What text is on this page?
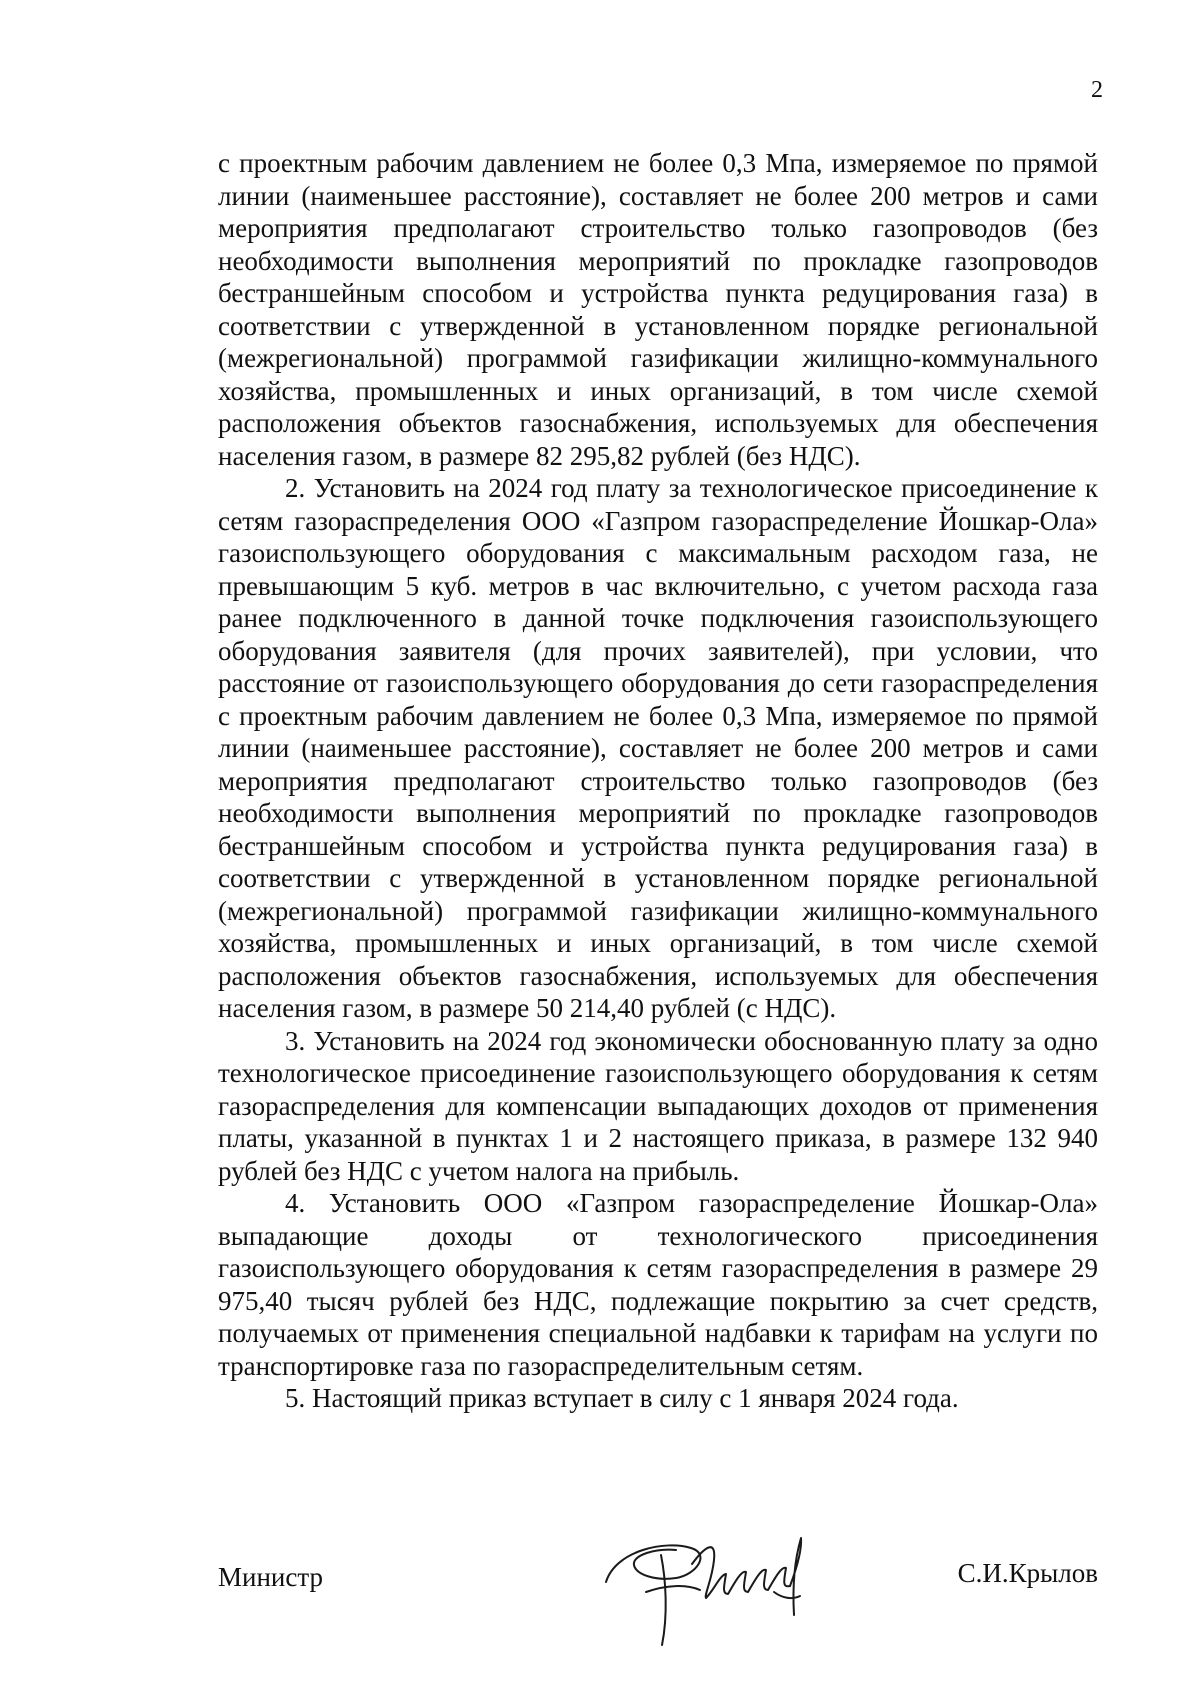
2

с проектным рабочим давлением не более 0,3 Мпа, измеряемое по прямой линии (наименьшее расстояние), составляет не более 200 метров и сами мероприятия предполагают строительство только газопроводов (без необходимости выполнения мероприятий по прокладке газопроводов бестраншейным способом и устройства пункта редуцирования газа) в соответствии с утвержденной в установленном порядке региональной (межрегиональной) программой газификации жилищно-коммунального хозяйства, промышленных и иных организаций, в том числе схемой расположения объектов газоснабжения, используемых для обеспечения населения газом, в размере 82 295,82 рублей (без НДС).

2. Установить на 2024 год плату за технологическое присоединение к сетям газораспределения ООО «Газпром газораспределение Йошкар-Ола» газоиспользующего оборудования с максимальным расходом газа, не превышающим 5 куб. метров в час включительно, с учетом расхода газа ранее подключенного в данной точке подключения газоиспользующего оборудования заявителя (для прочих заявителей), при условии, что расстояние от газоиспользующего оборудования до сети газораспределения с проектным рабочим давлением не более 0,3 Мпа, измеряемое по прямой линии (наименьшее расстояние), составляет не более 200 метров и сами мероприятия предполагают строительство только газопроводов (без необходимости выполнения мероприятий по прокладке газопроводов бестраншейным способом и устройства пункта редуцирования газа) в соответствии с утвержденной в установленном порядке региональной (межрегиональной) программой газификации жилищно-коммунального хозяйства, промышленных и иных организаций, в том числе схемой расположения объектов газоснабжения, используемых для обеспечения населения газом, в размере 50 214,40 рублей (с НДС).

3. Установить на 2024 год экономически обоснованную плату за одно технологическое присоединение газоиспользующего оборудования к сетям газораспределения для компенсации выпадающих доходов от применения платы, указанной в пунктах 1 и 2 настоящего приказа, в размере 132 940 рублей без НДС с учетом налога на прибыль.

4. Установить ООО «Газпром газораспределение Йошкар-Ола» выпадающие доходы от технологического присоединения газоиспользующего оборудования к сетям газораспределения в размере 29 975,40 тысяч рублей без НДС, подлежащие покрытию за счет средств, получаемых от применения специальной надбавки к тарифам на услуги по транспортировке газа по газораспределительным сетям.

5. Настоящий приказ вступает в силу с 1 января 2024 года.

Министр	С.И.Крылов
